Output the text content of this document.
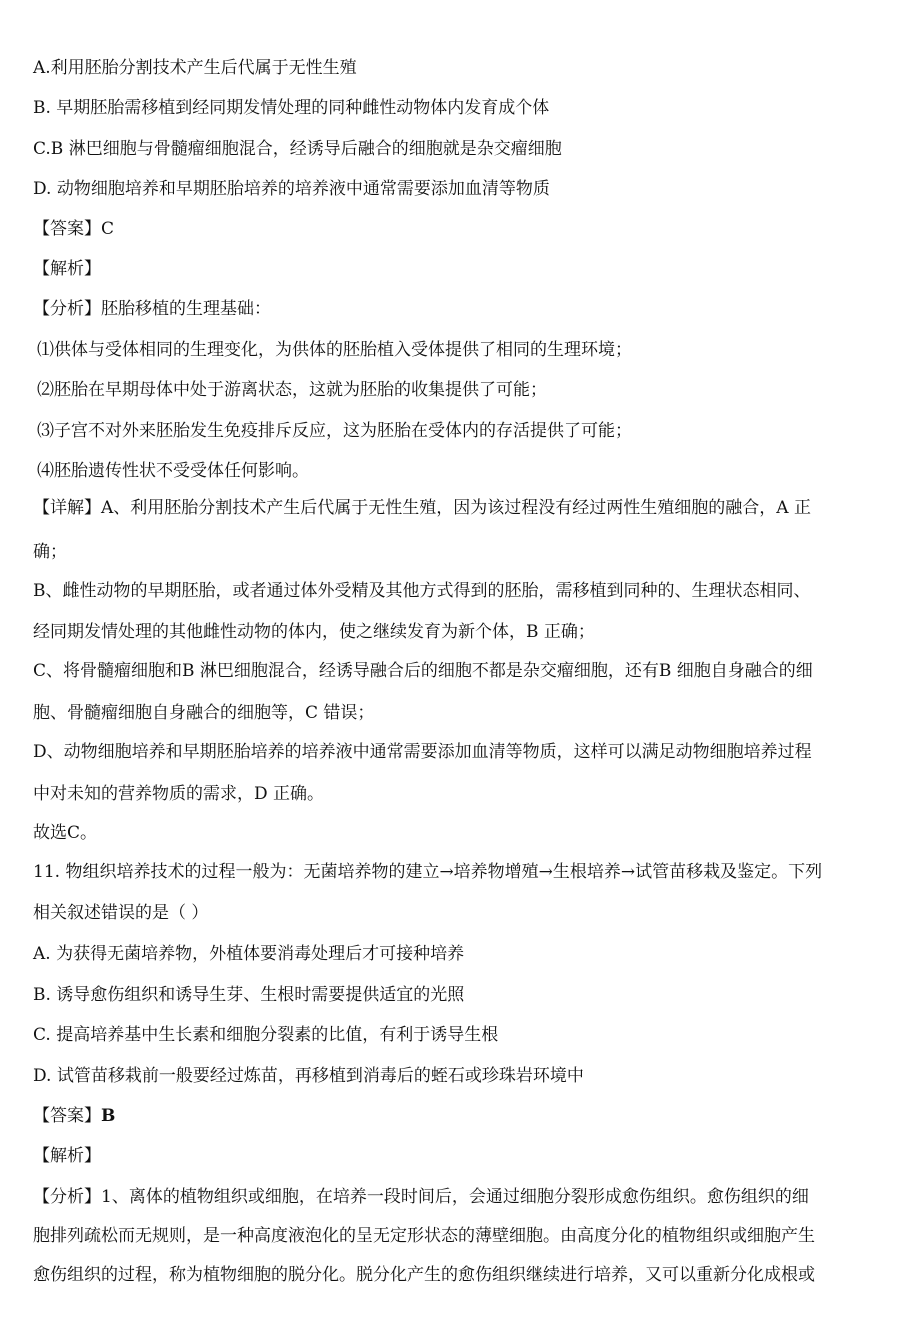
A.利用胚胎分割技术产生后代属于无性生殖
B. 早期胚胎需移植到经同期发情处理的同种雌性动物体内发育成个体
C.B 淋巴细胞与骨髓瘤细胞混合，经诱导后融合的细胞就是杂交瘤细胞
D. 动物细胞培养和早期胚胎培养的培养液中通常需要添加血清等物质
【答案】C
【解析】
【分析】胚胎移植的生理基础：
⑴供体与受体相同的生理变化，为供体的胚胎植入受体提供了相同的生理环境；
⑵胚胎在早期母体中处于游离状态，这就为胚胎的收集提供了可能；
⑶子宫不对外来胚胎发生免疫排斥反应，这为胚胎在受体内的存活提供了可能；
⑷胚胎遗传性状不受受体任何影响。
【详解】A、利用胚胎分割技术产生后代属于无性生殖，因为该过程没有经过两性生殖细胞的融合，A 正
确；
B、雌性动物的早期胚胎，或者通过体外受精及其他方式得到的胚胎，需移植到同种的、生理状态相同、
经同期发情处理的其他雌性动物的体内，使之继续发育为新个体，B 正确；
C、将骨髓瘤细胞和B 淋巴细胞混合，经诱导融合后的细胞不都是杂交瘤细胞，还有B 细胞自身融合的细
胞、骨髓瘤细胞自身融合的细胞等，C 错误；
D、动物细胞培养和早期胚胎培养的培养液中通常需要添加血清等物质，这样可以满足动物细胞培养过程
中对未知的营养物质的需求，D 正确。
故选C。
11. 物组织培养技术的过程一般为：无菌培养物的建立→培养物增殖→生根培养→试管苗移栽及鉴定。下列
相关叙述错误的是（ ）
A. 为获得无菌培养物，外植体要消毒处理后才可接种培养
B. 诱导愈伤组织和诱导生芽、生根时需要提供适宜的光照
C. 提高培养基中生长素和细胞分裂素的比值，有利于诱导生根
D. 试管苗移栽前一般要经过炼苗，再移植到消毒后的蛭石或珍珠岩环境中
【答案】B
【解析】
【分析】1、离体的植物组织或细胞，在培养一段时间后，会通过细胞分裂形成愈伤组织。愈伤组织的细
胞排列疏松而无规则，是一种高度液泡化的呈无定形状态的薄壁细胞。由高度分化的植物组织或细胞产生
愈伤组织的过程，称为植物细胞的脱分化。脱分化产生的愈伤组织继续进行培养，又可以重新分化成根或
